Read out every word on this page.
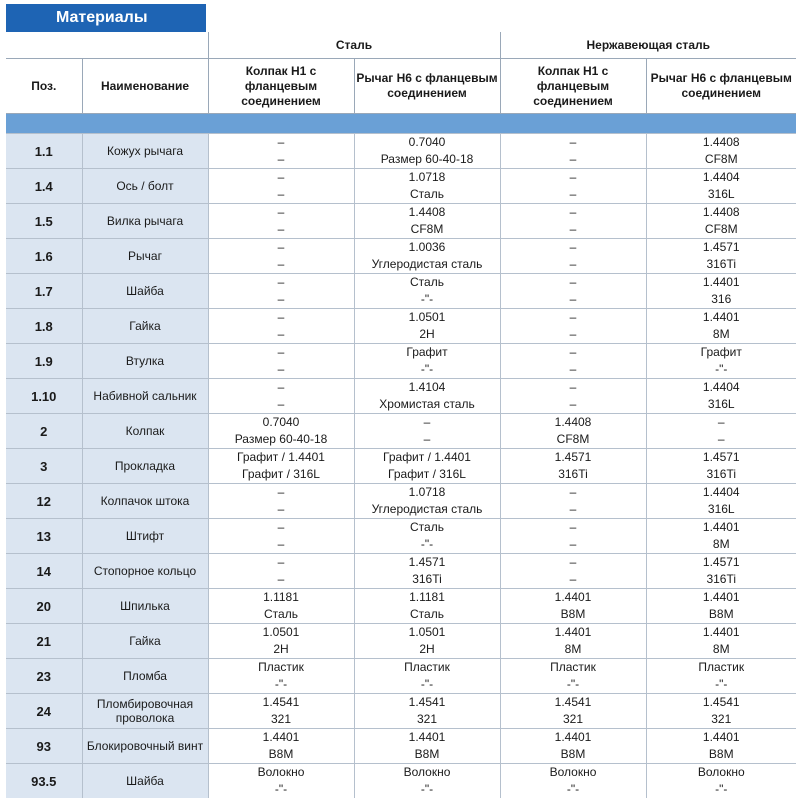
Материалы
		Сталь		Нержавеющая сталь	
Поз.	Наименование	Колпак H1 с фланцевым соединением	Рычаг H6 с фланцевым соединением	Колпак H1 с фланцевым соединением	Рычаг H6 с фланцевым соединением

1.1	Кожух рычага	–	0.7040	–	1.4408
		–	Размер 60-40-18	–	CF8M
1.4	Ось / болт	–	1.0718	–	1.4404
		–	Сталь	–	316L
1.5	Вилка рычага	–	1.4408	–	1.4408
		–	CF8M	–	CF8M
1.6	Рычаг	–	1.0036	–	1.4571
		–	Углеродистая сталь	–	316Ti
1.7	Шайба	–	Сталь	–	1.4401
		–	-"-	–	316
1.8	Гайка	–	1.0501	–	1.4401
		–	2H	–	8M
1.9	Втулка	–	Графит	–	Графит
		–	-"-	–	-"-
1.10	Набивной сальник	–	1.4104	–	1.4404
		–	Хромистая сталь	–	316L
2	Колпак	0.7040	–	1.4408	–
		Размер 60-40-18	–	CF8M	–
3	Прокладка	Графит / 1.4401	Графит / 1.4401	1.4571	1.4571
		Графит / 316L	Графит / 316L	316Ti	316Ti
12	Колпачок штока	–	1.0718	–	1.4404
		–	Углеродистая сталь	–	316L
13	Штифт	–	Сталь	–	1.4401
		–	-"-	–	8M
14	Стопорное кольцо	–	1.4571	–	1.4571
		–	316Ti	–	316Ti
20	Шпилька	1.1181	1.1181	1.4401	1.4401
		Сталь	Сталь	B8M	B8M
21	Гайка	1.0501	1.0501	1.4401	1.4401
		2H	2H	8M	8M
23	Пломба	Пластик	Пластик	Пластик	Пластик
		-"-	-"-	-"-	-"-
24	Пломбировочная проволока	1.4541	1.4541	1.4541	1.4541
		321	321	321	321
93	Блокировочный винт	1.4401	1.4401	1.4401	1.4401
		B8M	B8M	B8M	B8M
93.5	Шайба	Волокно	Волокно	Волокно	Волокно
		-"-	-"-	-"-	-"-
